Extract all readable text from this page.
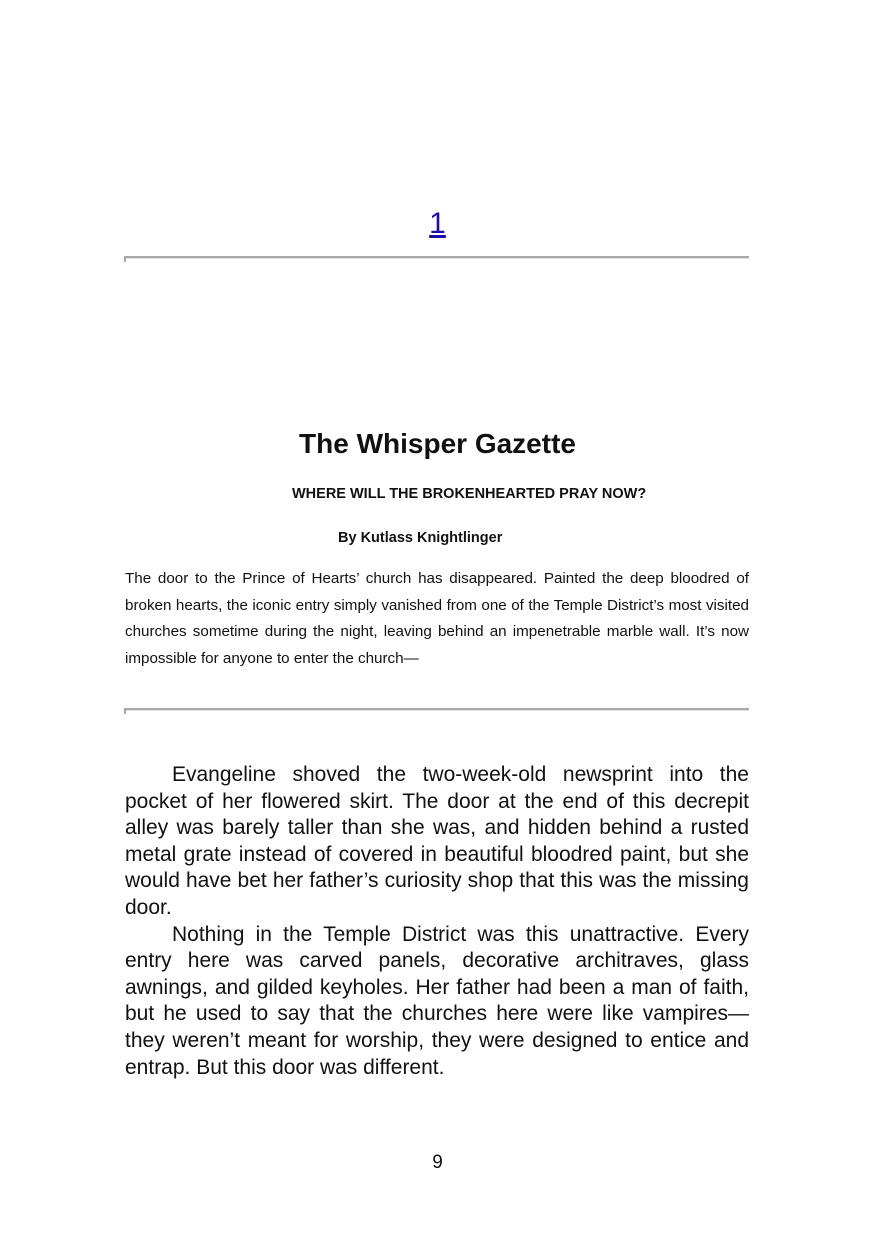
1
The Whisper Gazette
WHERE WILL THE BROKENHEARTED PRAY NOW?
By Kutlass Knightlinger

The door to the Prince of Hearts’ church has disappeared. Painted the deep bloodred of broken hearts, the iconic entry simply vanished from one of the Temple District’s most visited churches sometime during the night, leaving behind an impenetrable marble wall. It’s now impossible for anyone to enter the church—

Evangeline shoved the two-week-old newsprint into the pocket of her flowered skirt. The door at the end of this decrepit alley was barely taller than she was, and hidden behind a rusted metal grate instead of covered in beautiful bloodred paint, but she would have bet her father’s curiosity shop that this was the missing door.

Nothing in the Temple District was this unattractive. Every entry here was carved panels, decorative architraves, glass awnings, and gilded keyholes. Her father had been a man of faith, but he used to say that the churches here were like vampires—they weren’t meant for worship, they were designed to entice and entrap. But this door was different.

9
